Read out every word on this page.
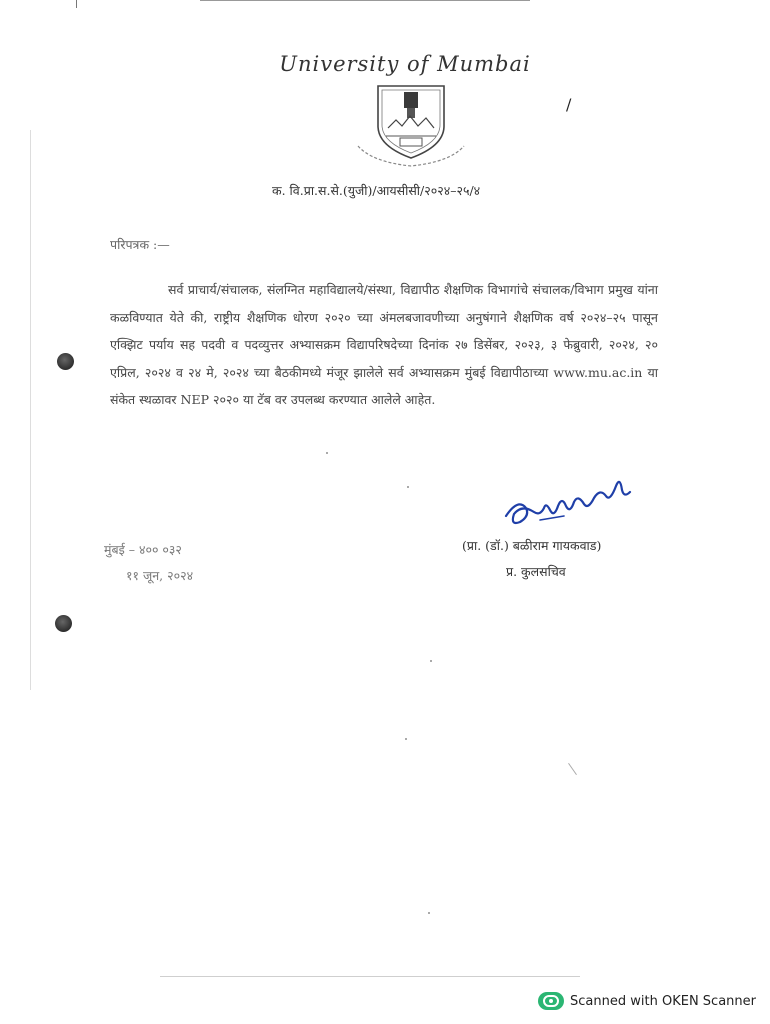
University of Mumbai
/
क. वि.प्रा.स.से.(युजी)/आयसीसी/२०२४–२५/४
परिपत्रक :—

सर्व प्राचार्य/संचालक, संलग्नित महाविद्यालये/संस्था, विद्यापीठ शैक्षणिक विभागांचे संचालक/विभाग प्रमुख यांना कळविण्यात येते की, राष्ट्रीय शैक्षणिक धोरण २०२० च्या अंमलबजावणीच्या अनुषंगाने शैक्षणिक वर्ष २०२४–२५ पासून एक्झिट पर्याय सह पदवी व पदव्युत्तर अभ्यासक्रम विद्यापरिषदेच्या दिनांक २७ डिसेंबर, २०२३, ३ फेब्रुवारी, २०२४, २० एप्रिल, २०२४ व २४ मे, २०२४ च्या बैठकीमध्ये मंजूर झालेले सर्व अभ्यासक्रम मुंबई विद्यापीठाच्या www.mu.ac.in या संकेत स्थळावर NEP २०२० या टॅब वर उपलब्ध करण्यात आलेले आहेत.

(प्रा. (डॉ.) बळीराम गायकवाड)
प्र. कुलसचिव
मुंबई – ४०० ०३२
११ जून, २०२४
Scanned with OKEN Scanner
